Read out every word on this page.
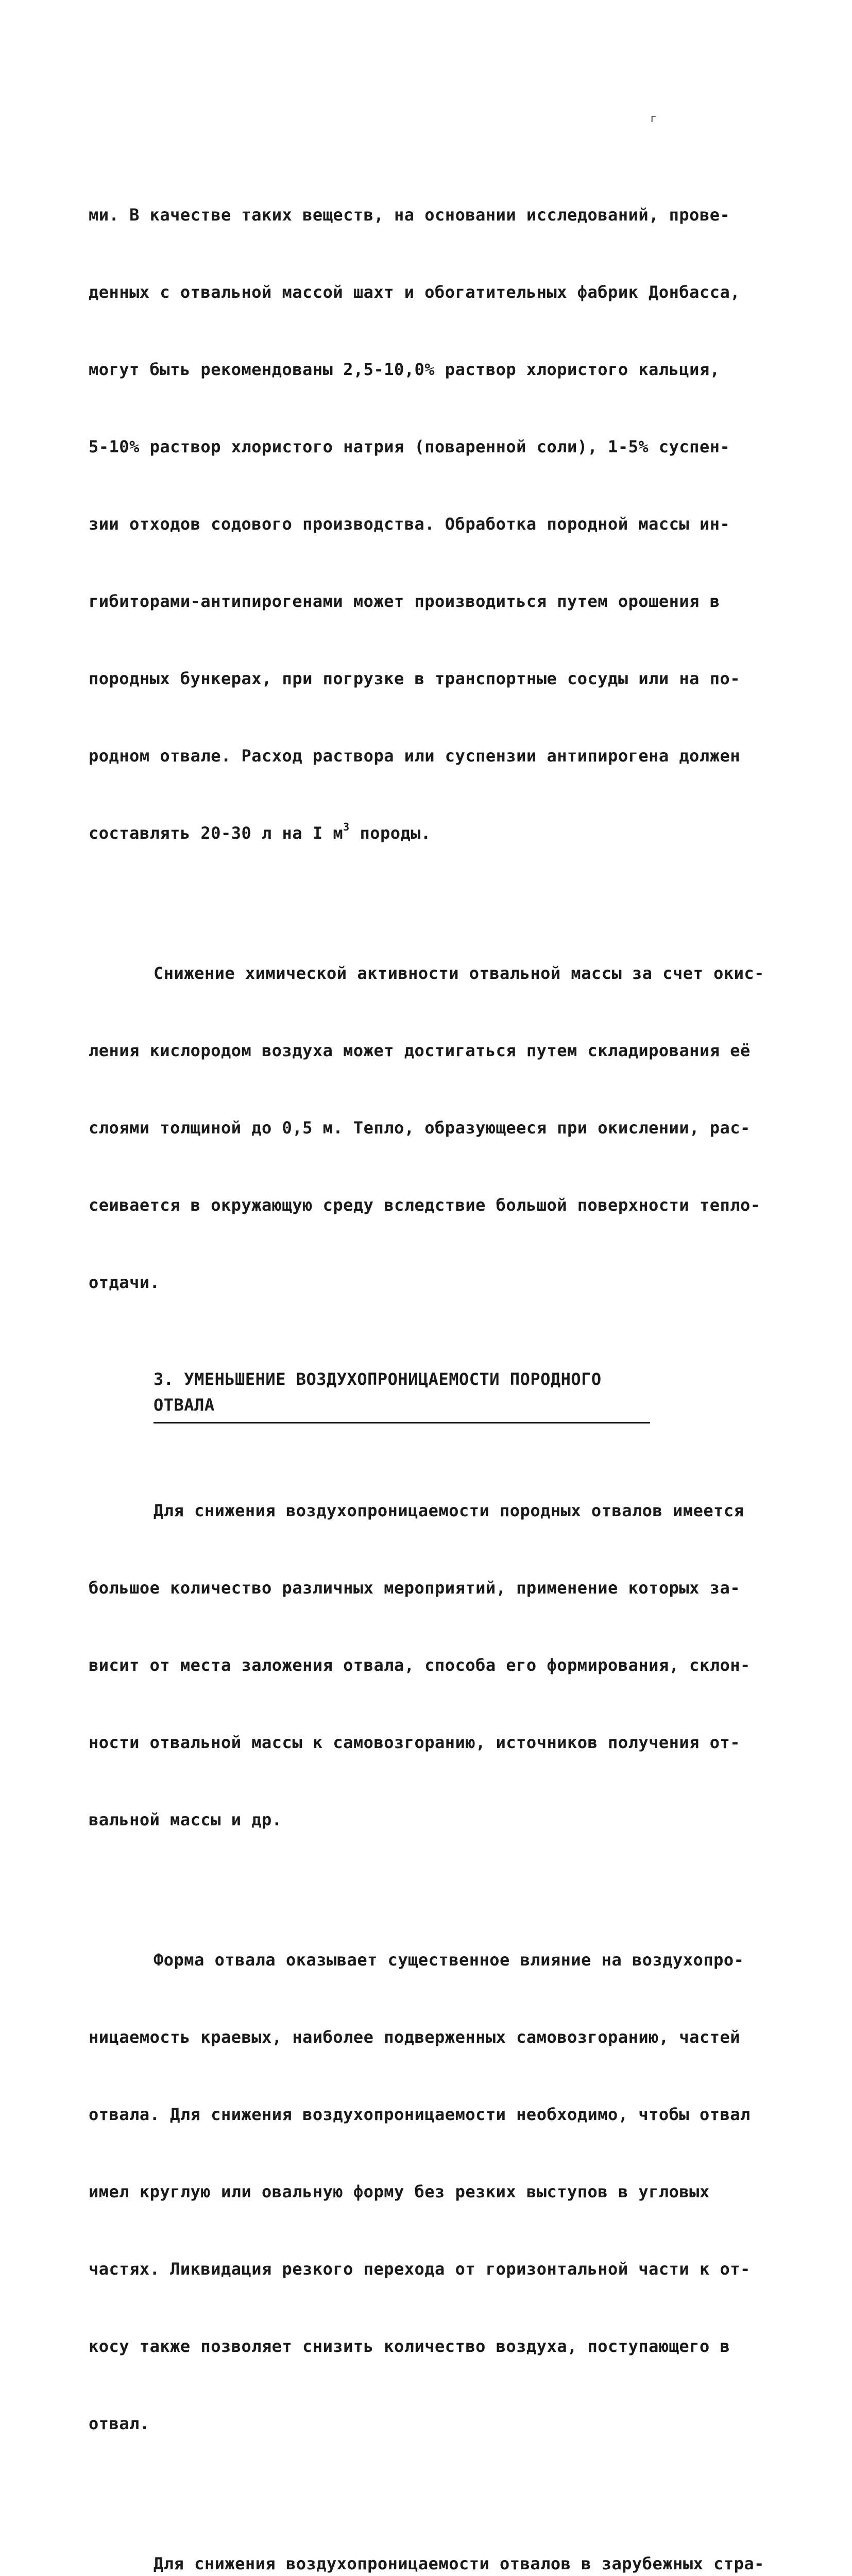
г

ми. В качестве таких веществ, на основании исследований, прове-

денных с отвальной массой шахт и обогатительных фабрик Донбасса,

могут быть рекомендованы 2,5-10,0% раствор хлористого кальция,

5-10% раствор хлористого натрия (поваренной соли), 1-5% суспен-

зии отходов содового производства. Обработка породной массы ин-

гибиторами-антипирогенами может производиться путем орошения в

породных бункерах, при погрузке в транспортные сосуды или на по-

родном отвале. Расход раствора или суспензии антипирогена должен

составлять 20-30 л на I $м^3$ породы.

Снижение химической активности отвальной массы за счет окис-

ления кислородом воздуха может достигаться путем складирования её

слоями толщиной до 0,5 м. Тепло, образующееся при окислении, рас-

сеивается в окружающую среду вследствие большой поверхности тепло-

отдачи.

3. УМЕНЬШЕНИЕ ВОЗДУХОПРОНИЦАЕМОСТИ ПОРОДНОГО ОТВАЛА

Для снижения воздухопроницаемости породных отвалов имеется

большое количество различных мероприятий, применение которых за-

висит от места заложения отвала, способа его формирования, склон-

ности отвальной массы к самовозгоранию, источников получения от-

вальной массы и др.

Форма отвала оказывает существенное влияние на воздухопро-

ницаемость краевых, наиболее подверженных самовозгоранию, частей

отвала. Для снижения воздухопроницаемости необходимо, чтобы отвал

имел круглую или овальную форму без резких выступов в угловых

частях. Ликвидация резкого перехода от горизонтальной части к от-

косу также позволяет снизить количество воздуха, поступающего в

отвал.

Для снижения воздухопроницаемости отвалов в зарубежных стра-
